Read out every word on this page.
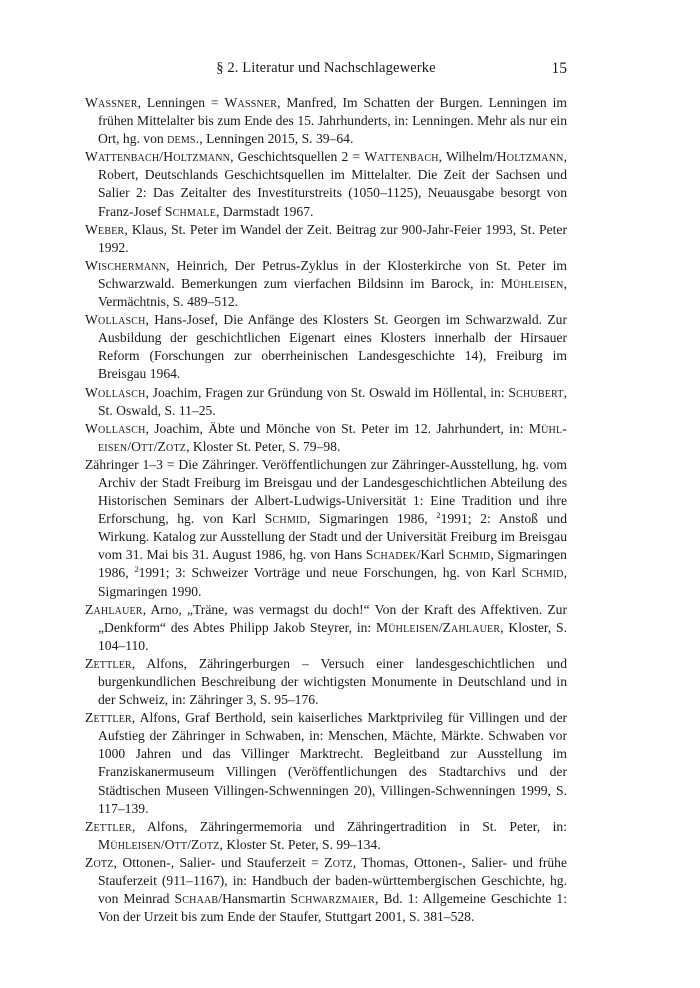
§ 2. Literatur und Nachschlagewerke	15
Wassner, Lenningen = Wassner, Manfred, Im Schatten der Burgen. Lenningen im frühen Mittelalter bis zum Ende des 15. Jahrhunderts, in: Lenningen. Mehr als nur ein Ort, hg. von dems., Lenningen 2015, S. 39–64.
Wattenbach/Holtzmann, Geschichtsquellen 2 = Wattenbach, Wilhelm/Holtzmann, Robert, Deutschlands Geschichtsquellen im Mittelalter. Die Zeit der Sachsen und Salier 2: Das Zeitalter des Investiturstreits (1050–1125), Neuausgabe besorgt von Franz-Josef Schmale, Darmstadt 1967.
Weber, Klaus, St. Peter im Wandel der Zeit. Beitrag zur 900-Jahr-Feier 1993, St. Peter 1992.
Wischermann, Heinrich, Der Petrus-Zyklus in der Klosterkirche von St. Peter im Schwarzwald. Bemerkungen zum vierfachen Bildsinn im Barock, in: Mühleisen, Vermächtnis, S. 489–512.
Wollasch, Hans-Josef, Die Anfänge des Klosters St. Georgen im Schwarzwald. Zur Ausbildung der geschichtlichen Eigenart eines Klosters innerhalb der Hirsauer Reform (Forschungen zur oberrheinischen Landesgeschichte 14), Freiburg im Breisgau 1964.
Wollasch, Joachim, Fragen zur Gründung von St. Oswald im Höllental, in: Schubert, St. Oswald, S. 11–25.
Wollasch, Joachim, Äbte und Mönche von St. Peter im 12. Jahrhundert, in: Mühl-eisen/Ott/Zotz, Kloster St. Peter, S. 79–98.
Zähringer 1–3 = Die Zähringer. Veröffentlichungen zur Zähringer-Ausstellung, hg. vom Archiv der Stadt Freiburg im Breisgau und der Landesgeschichtlichen Abteilung des Historischen Seminars der Albert-Ludwigs-Universität 1: Eine Tradition und ihre Erforschung, hg. von Karl Schmid, Sigmaringen 1986, $^2$1991; 2: Anstoß und Wirkung. Katalog zur Ausstellung der Stadt und der Universität Freiburg im Breisgau vom 31. Mai bis 31. August 1986, hg. von Hans Schadek/Karl Schmid, Sigmaringen 1986, $^2$1991; 3: Schweizer Vorträge und neue Forschungen, hg. von Karl Schmid, Sigmaringen 1990.
Zahlauer, Arno, „Träne, was vermagst du doch!“ Von der Kraft des Affektiven. Zur „Denkform“ des Abtes Philipp Jakob Steyrer, in: Mühleisen/Zahlauer, Kloster, S. 104–110.
Zettler, Alfons, Zähringerburgen – Versuch einer landesgeschichtlichen und burgenkundlichen Beschreibung der wichtigsten Monumente in Deutschland und in der Schweiz, in: Zähringer 3, S. 95–176.
Zettler, Alfons, Graf Berthold, sein kaiserliches Marktprivileg für Villingen und der Aufstieg der Zähringer in Schwaben, in: Menschen, Mächte, Märkte. Schwaben vor 1000 Jahren und das Villinger Marktrecht. Begleitband zur Ausstellung im Franziskanermuseum Villingen (Veröffentlichungen des Stadtarchivs und der Städtischen Museen Villingen-Schwenningen 20), Villingen-Schwenningen 1999, S. 117–139.
Zettler, Alfons, Zähringermemoria und Zähringertradition in St. Peter, in: Mühleisen/Ott/Zotz, Kloster St. Peter, S. 99–134.
Zotz, Ottonen-, Salier- und Stauferzeit = Zotz, Thomas, Ottonen-, Salier- und frühe Stauferzeit (911–1167), in: Handbuch der baden-württembergischen Geschichte, hg. von Meinrad Schaab/Hansmartin Schwarzmaier, Bd. 1: Allgemeine Geschichte 1: Von der Urzeit bis zum Ende der Staufer, Stuttgart 2001, S. 381–528.
